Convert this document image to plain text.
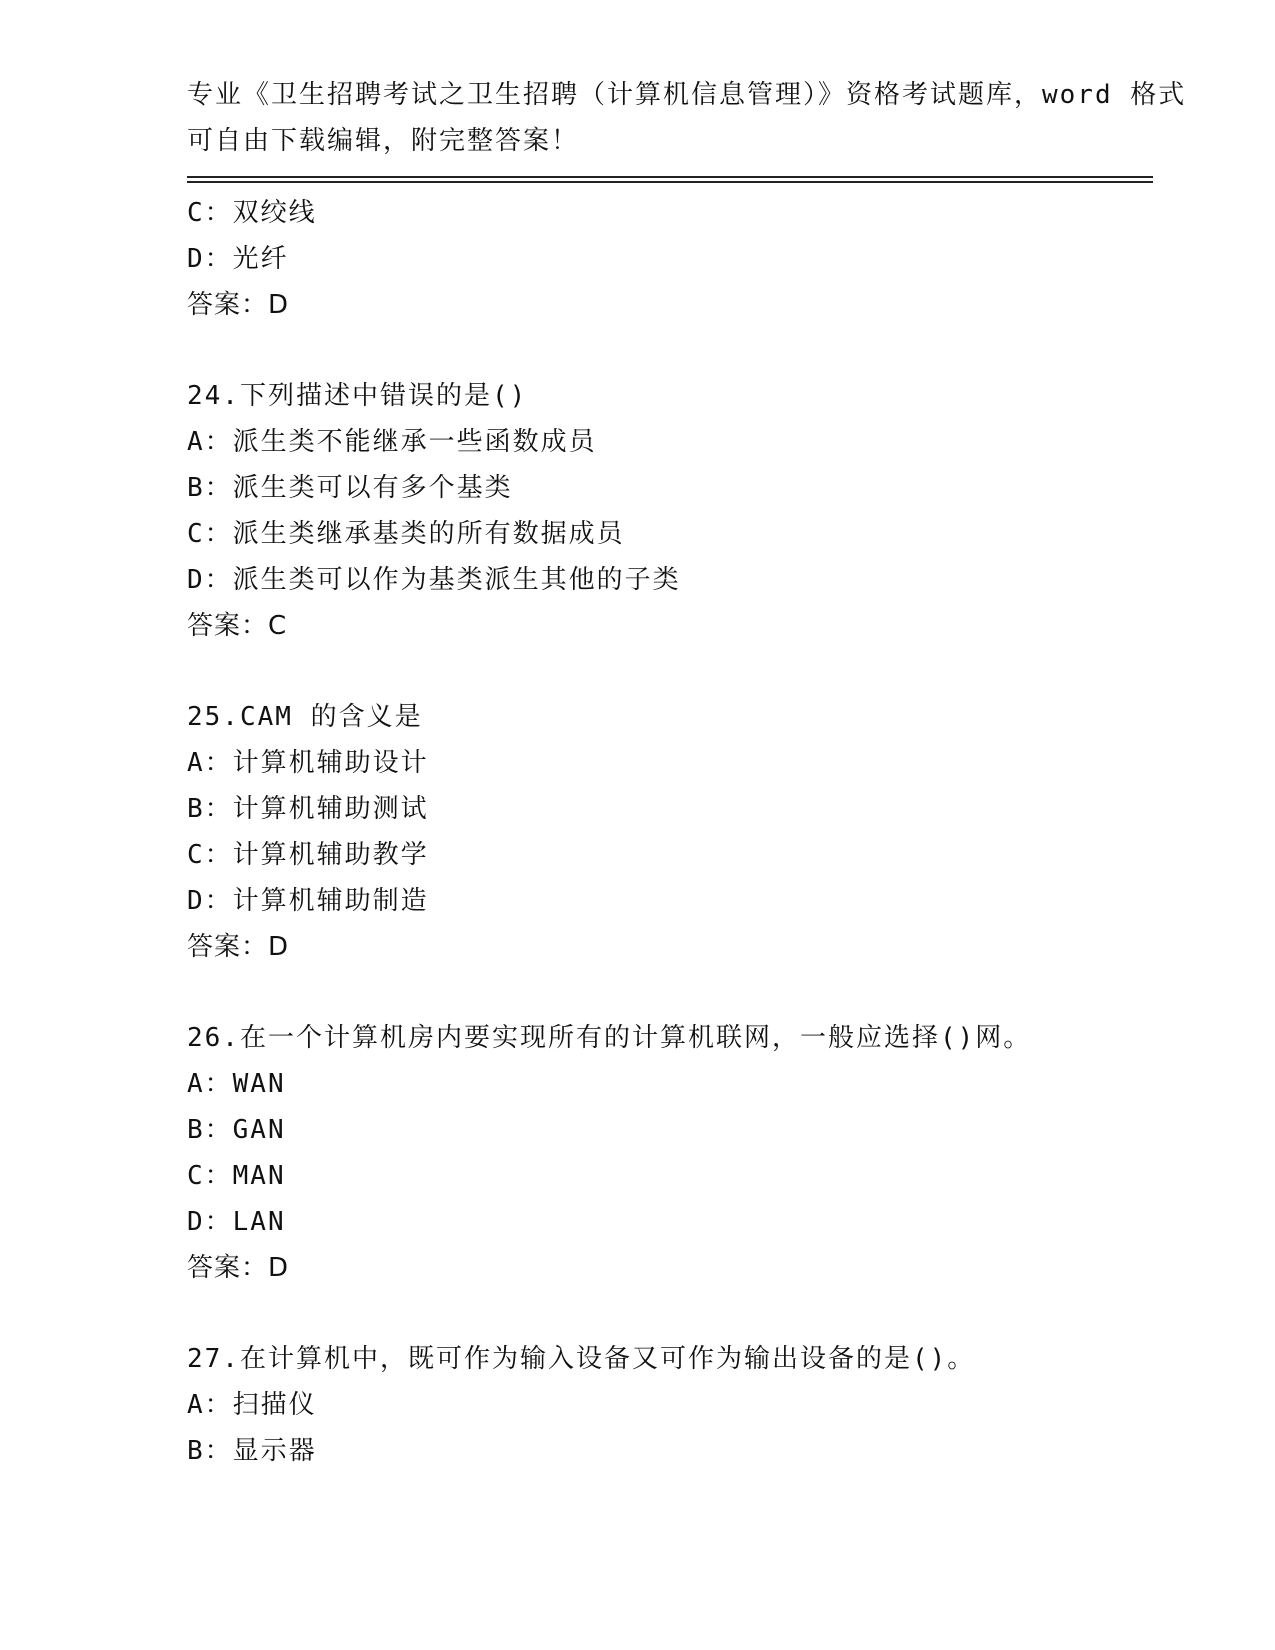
专业《卫生招聘考试之卫生招聘（计算机信息管理）》资格考试题库，word 格式
可自由下载编辑，附完整答案！
C：双绞线
D：光纤
答案：D
24.下列描述中错误的是()
A：派生类不能继承一些函数成员
B：派生类可以有多个基类
C：派生类继承基类的所有数据成员
D：派生类可以作为基类派生其他的子类
答案：C
25.CAM 的含义是
A：计算机辅助设计
B：计算机辅助测试
C：计算机辅助教学
D：计算机辅助制造
答案：D
26.在一个计算机房内要实现所有的计算机联网，一般应选择()网。
A：WAN
B：GAN
C：MAN
D：LAN
答案：D
27.在计算机中，既可作为输入设备又可作为输出设备的是()。
A：扫描仪
B：显示器
